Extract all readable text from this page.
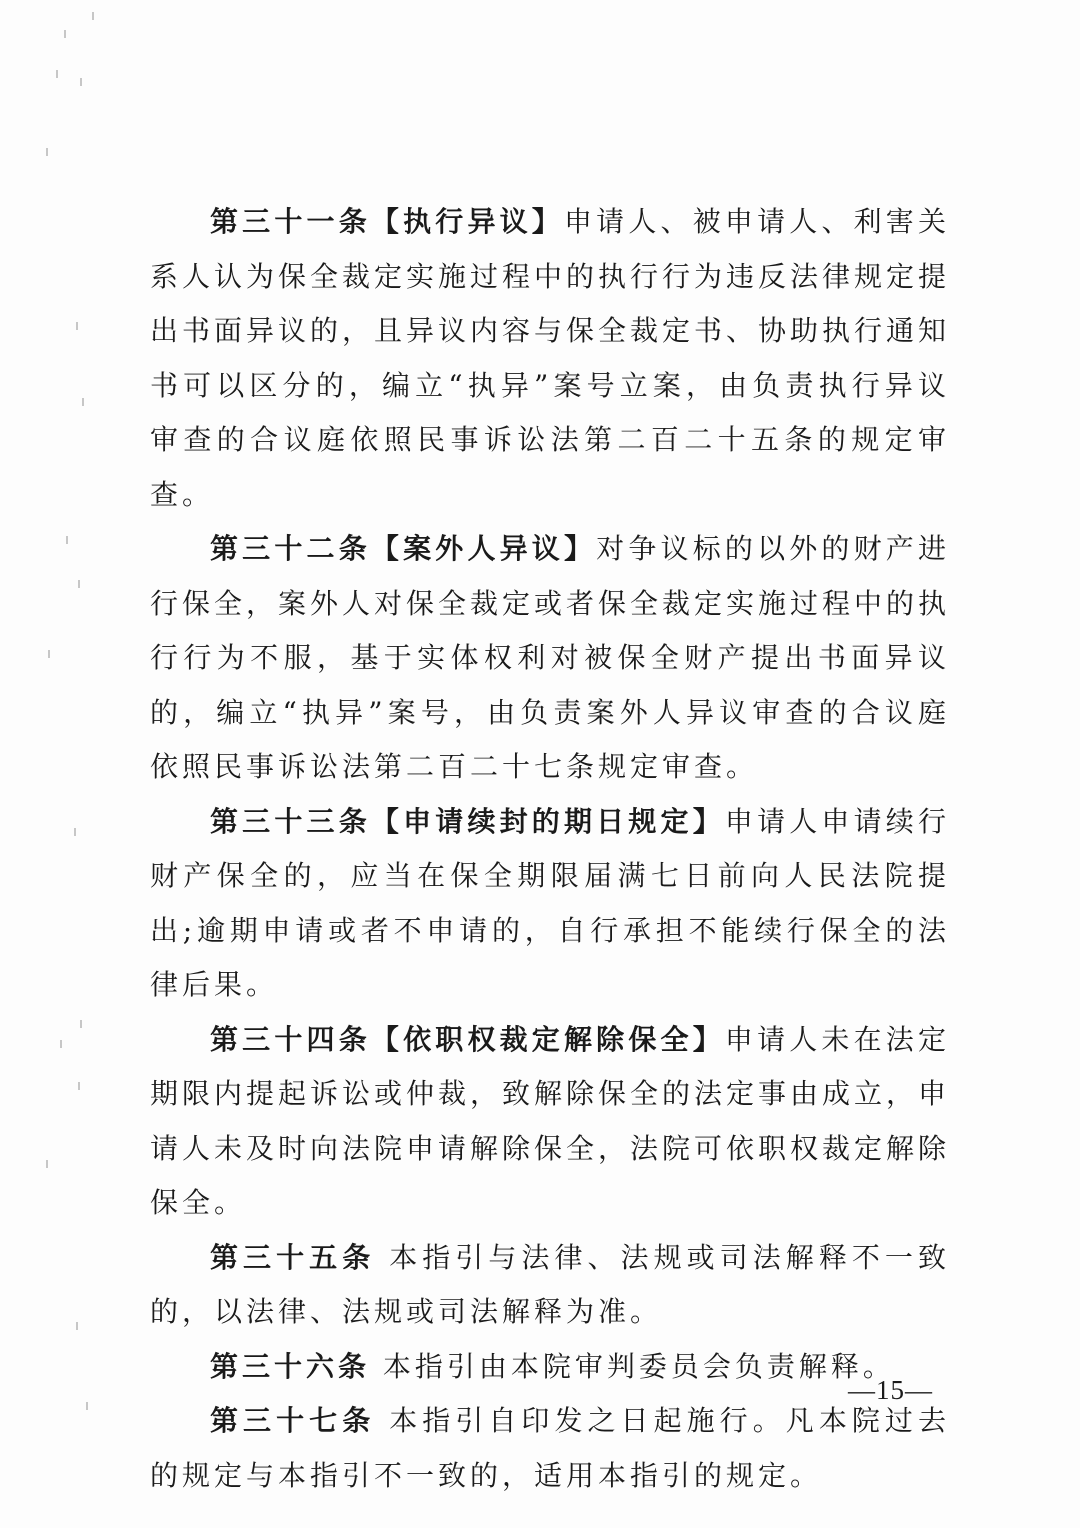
第三十一条【执行异议】申请人、被申请人、利害关系人认为保全裁定实施过程中的执行行为违反法律规定提出书面异议的，且异议内容与保全裁定书、协助执行通知书可以区分的，编立“执异”案号立案，由负责执行异议审查的合议庭依照民事诉讼法第二百二十五条的规定审查。

第三十二条【案外人异议】对争议标的以外的财产进行保全，案外人对保全裁定或者保全裁定实施过程中的执行行为不服，基于实体权利对被保全财产提出书面异议的，编立“执异”案号，由负责案外人异议审查的合议庭依照民事诉讼法第二百二十七条规定审查。

第三十三条【申请续封的期日规定】申请人申请续行财产保全的，应当在保全期限届满七日前向人民法院提出;逾期申请或者不申请的，自行承担不能续行保全的法律后果。

第三十四条【依职权裁定解除保全】申请人未在法定期限内提起诉讼或仲裁，致解除保全的法定事由成立，申请人未及时向法院申请解除保全，法院可依职权裁定解除保全。

第三十五条 本指引与法律、法规或司法解释不一致的，以法律、法规或司法解释为准。

第三十六条 本指引由本院审判委员会负责解释。

第三十七条 本指引自印发之日起施行。凡本院过去的规定与本指引不一致的，适用本指引的规定。

—15—
